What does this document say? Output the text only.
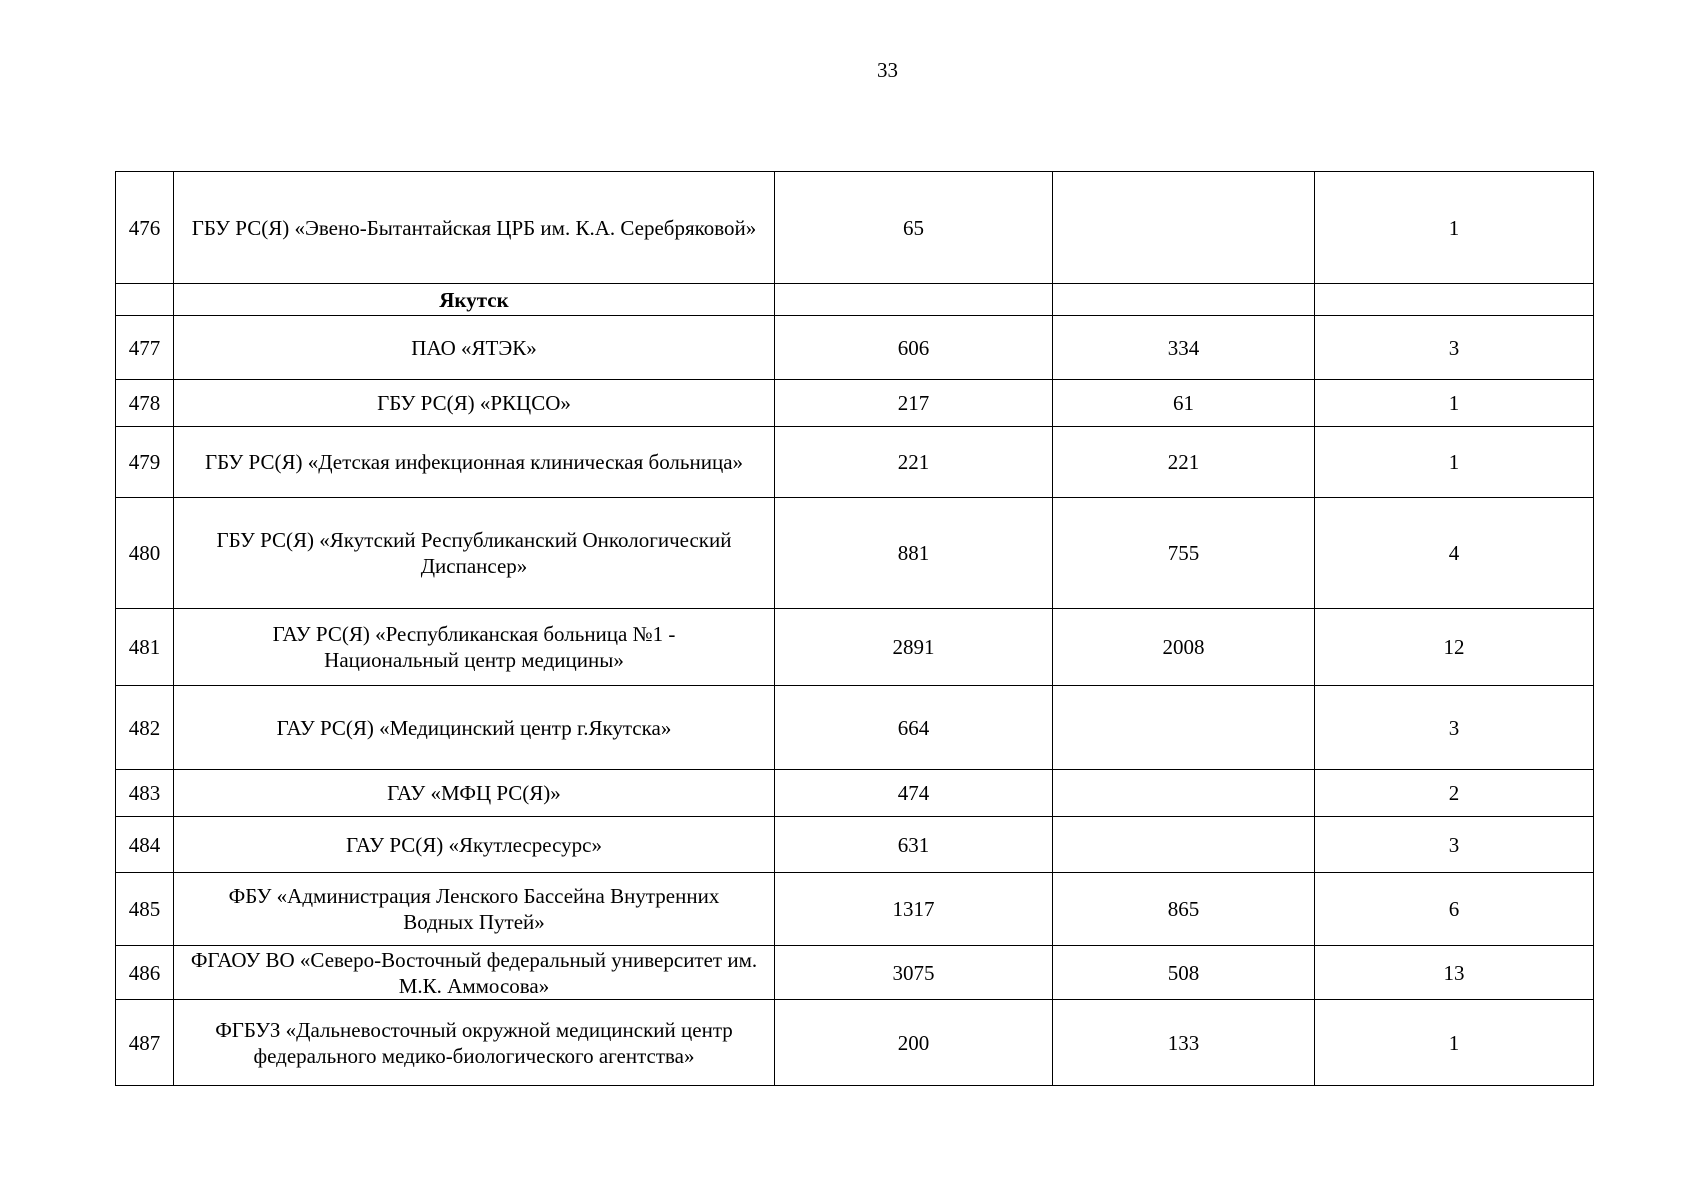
33
476	ГБУ РС(Я) «Эвено-Бытантайская ЦРБ им. К.А. Серебряковой»	65		1
	Якутск			
477	ПАО «ЯТЭК»	606	334	3
478	ГБУ РС(Я) «РКЦСО»	217	61	1
479	ГБУ РС(Я) «Детская инфекционная клиническая больница»	221	221	1
480	ГБУ РС(Я) «Якутский Республиканский Онкологический Диспансер»	881	755	4
481	ГАУ РС(Я) «Республиканская больница №1 - Национальный центр медицины»	2891	2008	12
482	ГАУ РС(Я) «Медицинский центр г.Якутска»	664		3
483	ГАУ «МФЦ РС(Я)»	474		2
484	ГАУ РС(Я) «Якутлесресурс»	631		3
485	ФБУ «Администрация Ленского Бассейна Внутренних Водных Путей»	1317	865	6
486	ФГАОУ ВО «Северо-Восточный федеральный университет им. М.К. Аммосова»	3075	508	13
487	ФГБУЗ «Дальневосточный окружной медицинский центр федерального медико-биологического агентства»	200	133	1
